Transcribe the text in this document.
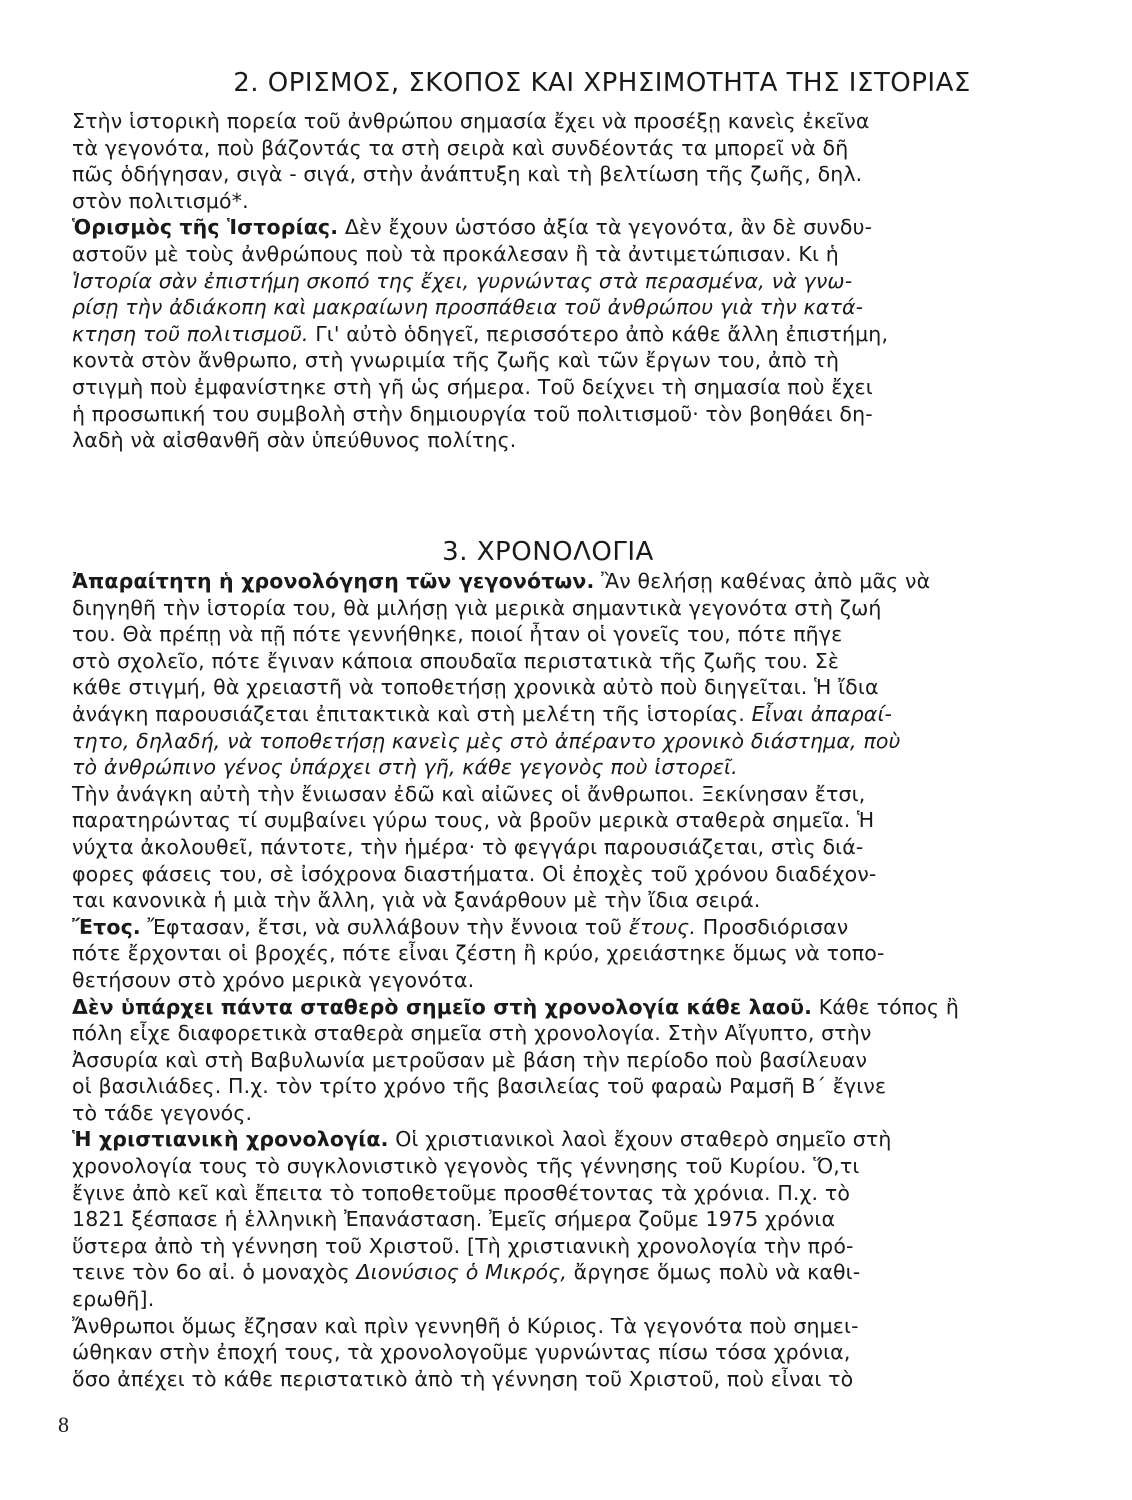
2. ΟΡΙΣΜΟΣ, ΣΚΟΠΟΣ ΚΑΙ ΧΡΗΣΙΜΟΤΗΤΑ ΤΗΣ ΙΣΤΟΡΙΑΣ
Στὴν ἱστορικὴ πορεία τοῦ ἀνθρώπου σημασία ἔχει νὰ προσέξῃ κανεὶς ἐκεῖνα
τὰ γεγονότα, ποὺ βάζοντάς τα στὴ σειρὰ καὶ συνδέοντάς τα μπορεῖ νὰ δῆ
πῶς ὁδήγησαν, σιγὰ - σιγά, στὴν ἀνάπτυξη καὶ τὴ βελτίωση τῆς ζωῆς, δηλ.
στὸν πολιτισμό*.
Ὁρισμὸς τῆς Ἱστορίας. Δὲν ἔχουν ὡστόσο ἀξία τὰ γεγονότα, ἂν δὲ συνδυ-
αστοῦν μὲ τοὺς ἀνθρώπους ποὺ τὰ προκάλεσαν ἢ τὰ ἀντιμετώπισαν. Κι ἡ
Ἱστορία σὰν ἐπιστήμη σκοπό της ἔχει, γυρνώντας στὰ περασμένα, νὰ γνω-
ρίσῃ τὴν ἀδιάκοπη καὶ μακραίωνη προσπάθεια τοῦ ἀνθρώπου γιὰ τὴν κατά-
κτηση τοῦ πολιτισμοῦ. Γι' αὐτὸ ὁδηγεῖ, περισσότερο ἀπὸ κάθε ἄλλη ἐπιστήμη,
κοντὰ στὸν ἄνθρωπο, στὴ γνωριμία τῆς ζωῆς καὶ τῶν ἔργων του, ἀπὸ τὴ
στιγμὴ ποὺ ἐμφανίστηκε στὴ γῆ ὡς σήμερα. Τοῦ δείχνει τὴ σημασία ποὺ ἔχει
ἡ προσωπική του συμβολὴ στὴν δημιουργία τοῦ πολιτισμοῦ· τὸν βοηθάει δη-
λαδὴ νὰ αἰσθανθῆ σὰν ὑπεύθυνος πολίτης.
3. ΧΡΟΝΟΛΟΓΙΑ
Ἀπαραίτητη ἡ χρονολόγηση τῶν γεγονότων. Ἂν θελήσῃ καθένας ἀπὸ μᾶς νὰ
διηγηθῆ τὴν ἱστορία του, θὰ μιλήσῃ γιὰ μερικὰ σημαντικὰ γεγονότα στὴ ζωή
του. Θὰ πρέπῃ νὰ πῇ πότε γεννήθηκε, ποιοί ἦταν οἱ γονεῖς του, πότε πῆγε
στὸ σχολεῖο, πότε ἔγιναν κάποια σπουδαῖα περιστατικὰ τῆς ζωῆς του. Σὲ
κάθε στιγμή, θὰ χρειαστῆ νὰ τοποθετήσῃ χρονικὰ αὐτὸ ποὺ διηγεῖται. Ἡ ἴδια
ἀνάγκη παρουσιάζεται ἐπιτακτικὰ καὶ στὴ μελέτη τῆς ἱστορίας. Εἶναι ἀπαραί-
τητο, δηλαδή, νὰ τοποθετήσῃ κανεὶς μὲς στὸ ἀπέραντο χρονικὸ διάστημα, ποὺ
τὸ ἀνθρώπινο γένος ὑπάρχει στὴ γῆ, κάθε γεγονὸς ποὺ ἱστορεῖ.
Τὴν ἀνάγκη αὐτὴ τὴν ἔνιωσαν ἐδῶ καὶ αἰῶνες οἱ ἄνθρωποι. Ξεκίνησαν ἔτσι,
παρατηρώντας τί συμβαίνει γύρω τους, νὰ βροῦν μερικὰ σταθερὰ σημεῖα. Ἡ
νύχτα ἀκολουθεῖ, πάντοτε, τὴν ἡμέρα· τὸ φεγγάρι παρουσιάζεται, στὶς διά-
φορες φάσεις του, σὲ ἰσόχρονα διαστήματα. Οἱ ἐποχὲς τοῦ χρόνου διαδέχον-
ται κανονικὰ ἡ μιὰ τὴν ἄλλη, γιὰ νὰ ξανάρθουν μὲ τὴν ἴδια σειρά.
Ἔτος. Ἔφτασαν, ἔτσι, νὰ συλλάβουν τὴν ἔννοια τοῦ ἔτους. Προσδιόρισαν
πότε ἔρχονται οἱ βροχές, πότε εἶναι ζέστη ἢ κρύο, χρειάστηκε ὅμως νὰ τοπο-
θετήσουν στὸ χρόνο μερικὰ γεγονότα.
Δὲν ὑπάρχει πάντα σταθερὸ σημεῖο στὴ χρονολογία κάθε λαοῦ. Κάθε τόπος ἢ
πόλη εἶχε διαφορετικὰ σταθερὰ σημεῖα στὴ χρονολογία. Στὴν Αἴγυπτο, στὴν
Ἀσσυρία καὶ στὴ Βαβυλωνία μετροῦσαν μὲ βάση τὴν περίοδο ποὺ βασίλευαν
οἱ βασιλιάδες. Π.χ. τὸν τρίτο χρόνο τῆς βασιλείας τοῦ φαραὼ Ραμσῆ Β΄ ἔγινε
τὸ τάδε γεγονός.
Ἡ χριστιανικὴ χρονολογία. Οἱ χριστιανικοὶ λαοὶ ἔχουν σταθερὸ σημεῖο στὴ
χρονολογία τους τὸ συγκλονιστικὸ γεγονὸς τῆς γέννησης τοῦ Κυρίου. Ὅ,τι
ἔγινε ἀπὸ κεῖ καὶ ἔπειτα τὸ τοποθετοῦμε προσθέτοντας τὰ χρόνια. Π.χ. τὸ
1821 ξέσπασε ἡ ἑλληνικὴ Ἐπανάσταση. Ἐμεῖς σήμερα ζοῦμε 1975 χρόνια
ὕστερα ἀπὸ τὴ γέννηση τοῦ Χριστοῦ. [Τὴ χριστιανικὴ χρονολογία τὴν πρό-
τεινε τὸν 6ο αἰ. ὁ μοναχὸς Διονύσιος ὁ Μικρός, ἄργησε ὅμως πολὺ νὰ καθι-
ερωθῆ].
Ἄνθρωποι ὅμως ἔζησαν καὶ πρὶν γεννηθῆ ὁ Κύριος. Τὰ γεγονότα ποὺ σημει-
ώθηκαν στὴν ἐποχή τους, τὰ χρονολογοῦμε γυρνώντας πίσω τόσα χρόνια,
ὅσο ἀπέχει τὸ κάθε περιστατικὸ ἀπὸ τὴ γέννηση τοῦ Χριστοῦ, ποὺ εἶναι τὸ
8
